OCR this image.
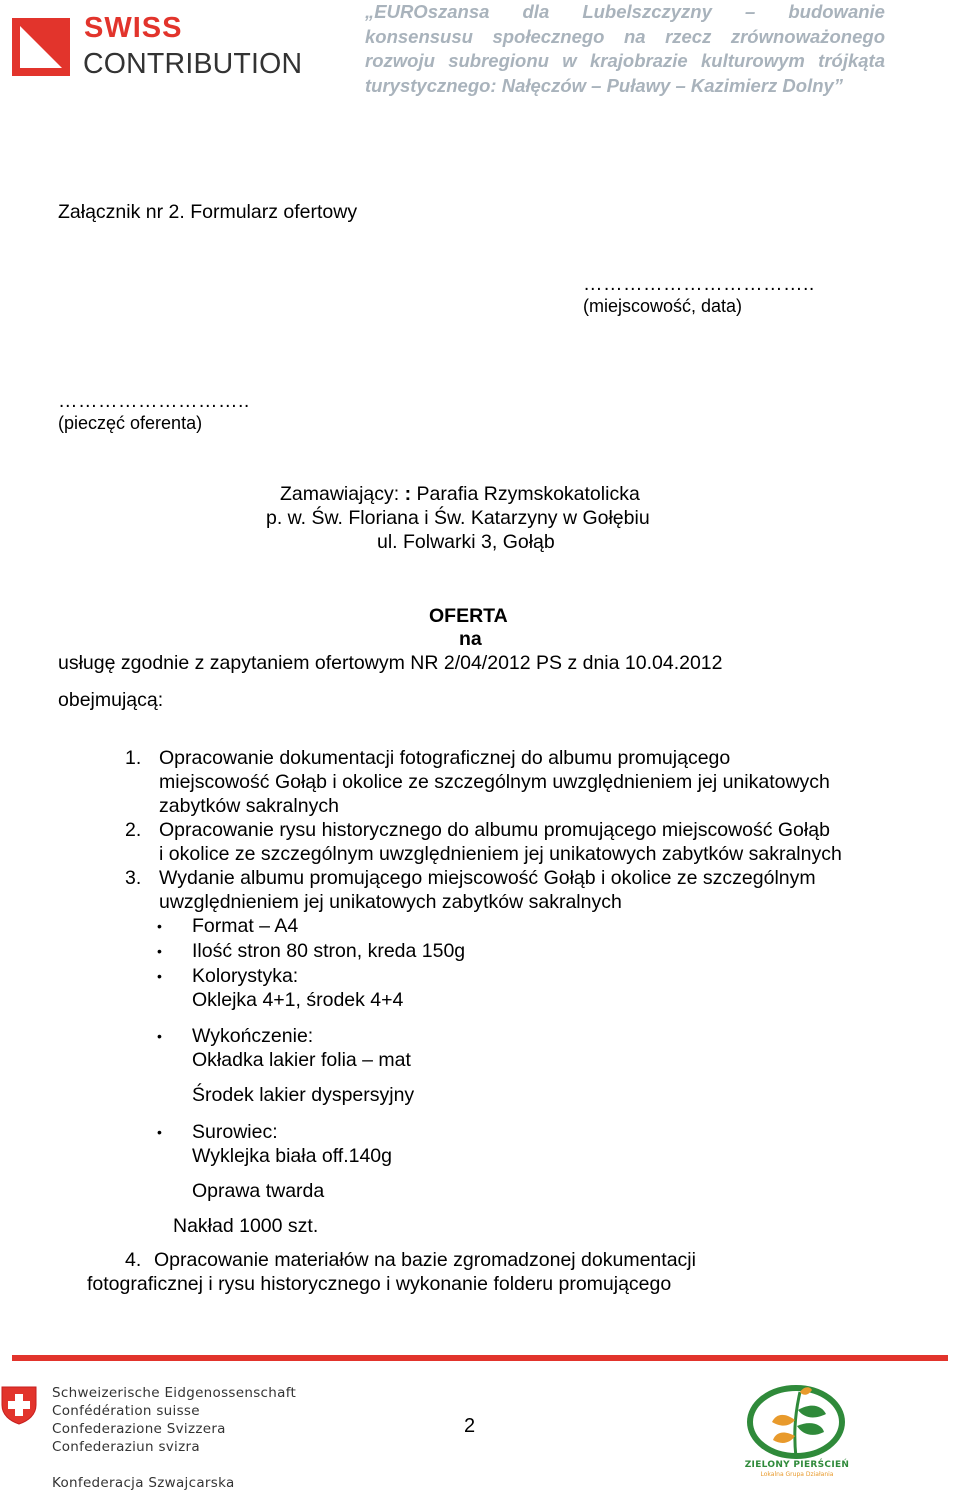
SWISS
CONTRIBUTION
„EUROszansa dla Lubelszczyzny – budowanie
konsensusu społecznego na rzecz zrównoważonego
rozwoju subregionu w krajobrazie kulturowym trójkąta
turystycznego: Nałęczów – Puławy – Kazimierz Dolny”
Załącznik nr 2. Formularz ofertowy
……………………………..
(miejscowość, data)
………………………..
(pieczęć oferenta)
Zamawiający: : Parafia Rzymskokatolicka
p. w. Św. Floriana i Św. Katarzyny w Gołębiu
ul. Folwarki 3, Gołąb
OFERTA
na
usługę zgodnie z zapytaniem ofertowym NR 2/04/2012 PS z dnia 10.04.2012
obejmującą:
1. Opracowanie dokumentacji fotograficznej do albumu promującego
miejscowość Gołąb i okolice ze szczególnym uwzględnieniem jej unikatowych
zabytków sakralnych
2. Opracowanie rysu historycznego do albumu promującego miejscowość Gołąb
i okolice ze szczególnym uwzględnieniem jej unikatowych zabytków sakralnych
3. Wydanie albumu promującego miejscowość Gołąb i okolice ze szczególnym
uwzględnieniem jej unikatowych zabytków sakralnych
• Format – A4
• Ilość stron 80 stron, kreda 150g
• Kolorystyka:
Oklejka 4+1, środek 4+4
• Wykończenie:
Okładka lakier folia – mat
Środek lakier dyspersyjny
• Surowiec:
Wyklejka biała off.140g
Oprawa twarda
Nakład 1000 szt.
4. Opracowanie materiałów na bazie zgromadzonej dokumentacji
fotograficznej i rysu historycznego i wykonanie folderu promującego
Schweizerische Eidgenossenschaft
Confédération suisse
Confederazione Svizzera
Confederaziun svizra
Konfederacja Szwajcarska
2
ZIELONY PIERŚCIEŃ
Lokalna Grupa Działania
